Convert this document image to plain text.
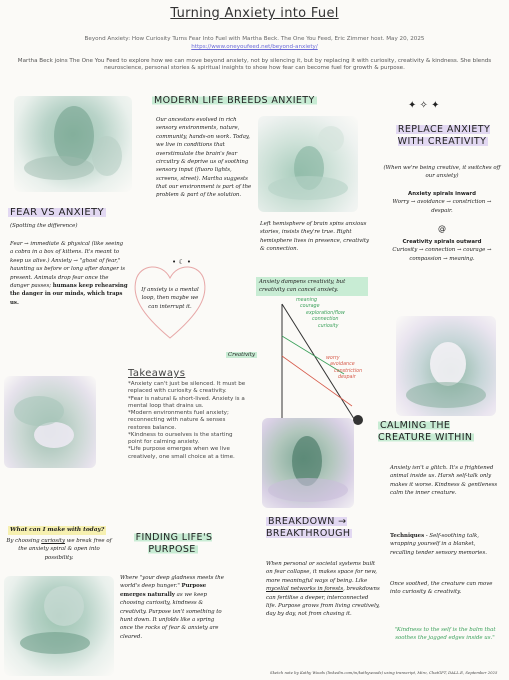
Turning Anxiety into Fuel
Beyond Anxiety: How Curiosity Turns Fear Into Fuel with Martha Beck. The One You Feed, Eric Zimmer host. May 20, 2025
https://www.oneyoufeed.net/beyond-anxiety/
Martha Beck joins The One You Feed to explore how we can move beyond anxiety, not by silencing it, but by replacing it with curiosity, creativity & kindness. She blends neuroscience, personal stories & spiritual insights to show how fear can become fuel for growth & purpose.
MODERN LIFE BREEDS ANXIETY
Our ancestors evolved in rich sensory environments, nature, community, hands-on work. Today, we live in conditions that overstimulate the brain's fear circuitry & deprive us of soothing sensory input (fluoro lights, screens, street). Martha suggests that our environment is part of the problem & part of the solution.
Left hemisphere of brain spins anxious stories, insists they're true. Right hemisphere lives in presence, creativity & connection.
✦ ✧ ✦
REPLACE ANXIETY WITH CREATIVITY
(When we're being creative, it switches off our anxiety)
Anxiety spirals inward
Worry → avoidance → constriction → despair.
@
Creativity spirals outward
Curiosity → connection → courage → compassion → meaning.
FEAR VS ANXIETY
(Spotting the difference)
Fear → immediate & physical (like seeing a cobra in a box of kittens. It's meant to keep us alive.) Anxiety → "ghost of fear," haunting us before or long after danger is present. Animals drop fear once the danger passes; humans keep rehearsing the danger in our minds, which traps us.
If anxiety is a mental loop, then maybe we can interrupt it.
• ☾ •
Anxiety dampens creativity, but creativity can cancel anxiety.
meaning
courage
exploration/flow
connection
curiosity
worry
avoidance
constriction
despair
Creativity
Takeaways
*Anxiety can't just be silenced. It must be replaced with curiosity & creativity.
*Fear is natural & short-lived. Anxiety is a mental loop that drains us.
*Modern environments fuel anxiety; reconnecting with nature & senses restores balance.
*Kindness to ourselves is the starting point for calming anxiety.
*Life purpose emerges when we live creatively, one small choice at a time.
CALMING THE CREATURE WITHIN
Anxiety isn't a glitch. It's a frightened animal inside us. Harsh self-talk only makes it worse. Kindness & gentleness calm the inner creature.
Techniques - Self-soothing talk, wrapping yourself in a blanket, recalling tender sensory memories.
Once soothed, the creature can move into curiosity & creativity.
"Kindness to the self is the balm that soothes the jagged edges inside us."
What can I make with today?
By choosing curiosity we break free of the anxiety spiral & open into possibility.
FINDING LIFE'S PURPOSE
Where "your deep gladness meets the world's deep hunger." Purpose emerges naturally as we keep choosing curiosity, kindness & creativity. Purpose isn't something to hunt down. It unfolds like a spring once the rocks of fear & anxiety are cleared.
BREAKDOWN → BREAKTHROUGH
When personal or societal systems built on fear collapse, it makes space for new, more meaningful ways of being. Like mycelial networks in forests, breakdowns can fertilise a deeper, interconnected life. Purpose grows from living creatively, day by day, not from chasing it.
Sketch note by Kathy Woods (linkedin.com/in/kathywoods) using transcript, Miro, ChatGPT, DALL.E, September 2025
